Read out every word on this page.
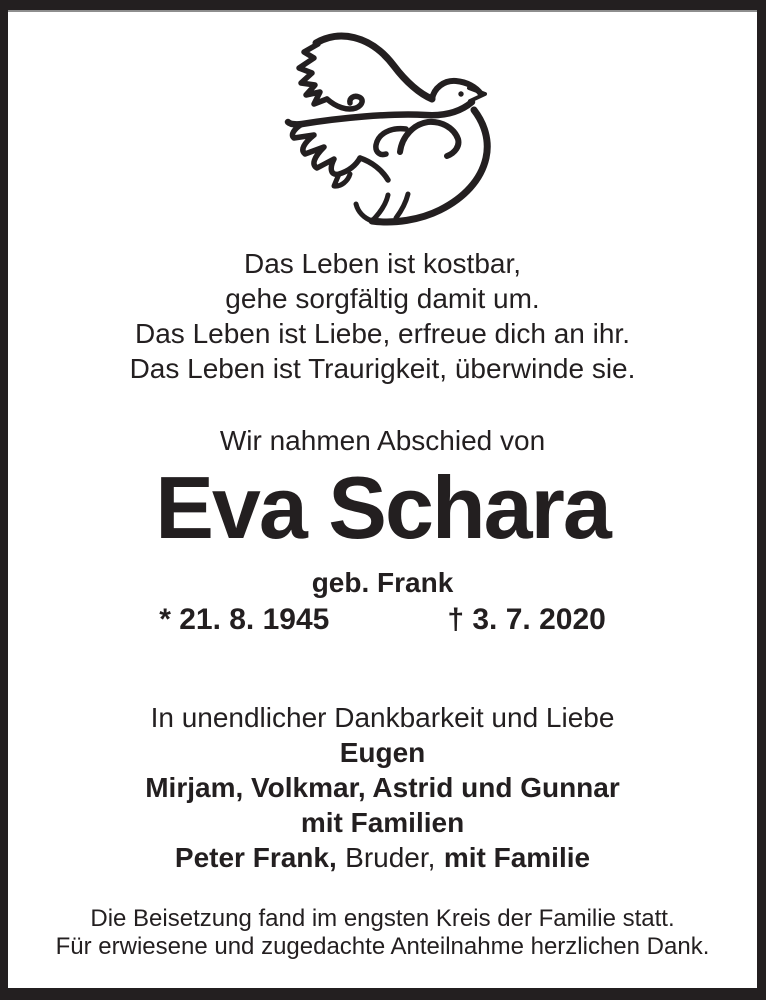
Das Leben ist kostbar,
gehe sorgfältig damit um.
Das Leben ist Liebe, erfreue dich an ihr.
Das Leben ist Traurigkeit, überwinde sie.
Wir nahmen Abschied von
Eva Schara
geb. Frank
* 21. 8. 1945	† 3. 7. 2020
In unendlicher Dankbarkeit und Liebe
Eugen
Mirjam, Volkmar, Astrid und Gunnar
mit Familien
Peter Frank, Bruder, mit Familie
Die Beisetzung fand im engsten Kreis der Familie statt.
Für erwiesene und zugedachte Anteilnahme herzlichen Dank.
